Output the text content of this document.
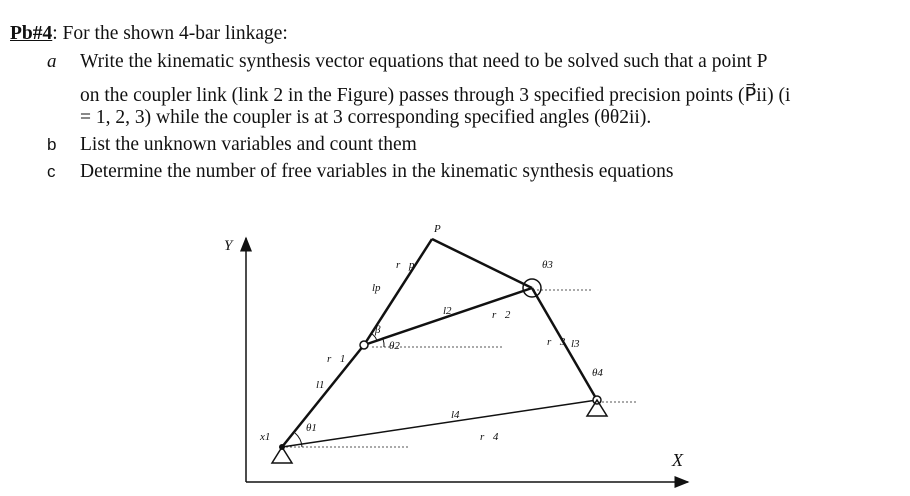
Pb#4: For the shown 4-bar linkage:
a Write the kinematic synthesis vector equations that need to be solved such that a point P
on the coupler link (link 2 in the Figure) passes through 3 specified precision points (P⃗ii) (i
= 1, 2, 3) while the coupler is at 3 corresponding specified angles (θθ2ii).
b List the unknown variables and count them
c Determine the number of free variables in the kinematic synthesis equations
Y
X
P
x1
θ1
l1
r⃗1
β
θ2
lp
r⃗p
l2	r⃗2
θ3
r⃗3 l3
θ4
l4
r⃗4
